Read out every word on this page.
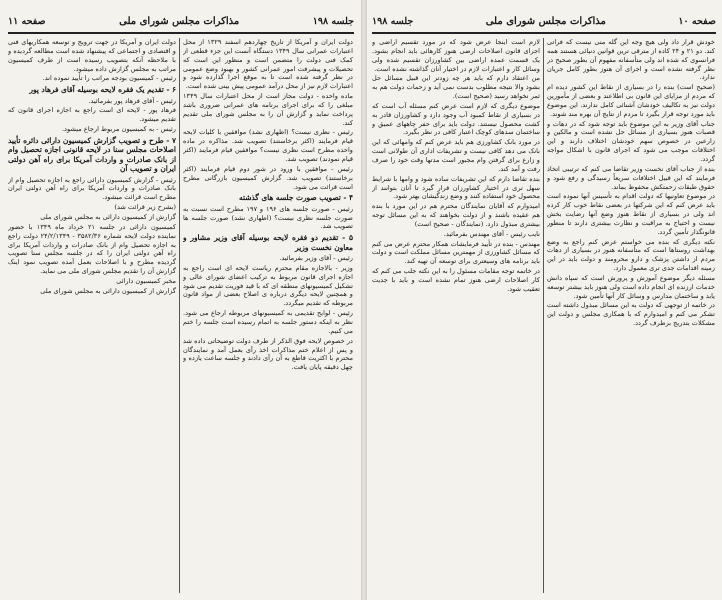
جلسه ۱۹۸
مذاکرات مجلس شورای ملی
صفحه ۱۱
دولت ایران و آمریکا از تاریخ چهاردهم اسفند ۱۳۲۹ از محل اعتبارات عمرانی سال ۱۳۴۹ دستگاه آنست این جزء قطعی از کمک فنی دولت را متضمن است و منظور این است که تحصیلات و پیشرفت امور عمرانی کشور و بهبود وضع عمومی در نظر گرفته شده است تا به موقع اجرا گذارده شود و اعتبارات لازم نیز از محل درآمد عمومی پیش بینی شده است.
ماده واحده - دولت مجاز است از محل اعتبارات سال ۱۳۴۹ مبلغی را که برای اجرای برنامه های عمرانی ضروری باشد پرداخت نماید و گزارش آن را به مجلس شورای ملی تقدیم کند.
رئیس - نظری نیست؟ (اظهاری نشد) موافقین با کلیات لایحه قیام فرمایند (اکثر برخاستند) تصویب شد. مذاکره در ماده واحده مطرح است نظری نیست؟ موافقین قیام فرمایند (اکثر قیام نمودند) تصویب شد.
رئیس - موافقین با ورود در شور دوم قیام فرمایند (اکثر برخاستند) تصویب شد. گزارش کمیسیون بازرگانی مطرح است قرائت می شود.
۴ - تصویب صورت جلسه های گذشته
رئیس - صورت جلسه های ۱۹۶ و ۱۹۷ مطرح است نسبت به صورت جلسه نظری نیست؟ (اظهاری نشد) صورت جلسه ها تصویب شد.
۵ - تقدیم دو فقره لایحه بوسیله آقای وزیر مشاور و معاون نخست وزیر
رئیس - آقای وزیر بفرمائید.
وزیر - بالاجازه مقام محترم ریاست لایحه ای است راجع به اجازه اجرای قانون مربوط به ترکیب اعضای شورای عالی و تشکیل کمیسیونهای منطقه ای که با قید فوریت تقدیم می شود و همچنین لایحه دیگری درباره ی اصلاح بعضی از مواد قانون مربوطه که تقدیم میگردد.
رئیس - لوایح تقدیمی به کمیسیونهای مربوطه ارجاع می شود. نظر به اینکه دستور جلسه به اتمام رسیده است جلسه را ختم می کنیم.
در خصوص لایحه فوق الذکر از طرف دولت توضیحاتی داده شد و پس از اعلام ختم مذاکرات اخذ رأی بعمل آمد و نمایندگان محترم با اکثریت قاطع به آن رأی دادند و جلسه ساعت یازده و چهل دقیقه پایان یافت.
دولت ایران و آمریکا در جهت ترویج و توسعه همکاریهای فنی و اقتصادی و اجتماعی که پیشنهاد شده است مطالعه گردیده و با ملاحظه آنکه بتصویب رسیده است از طرف کمیسیون مراتب به مجلس گزارش داده میشود.
رئیس - کمیسیون بودجه مراتب را تأیید نموده اند.
۶ - تقدیم یک فقره لایحه بوسیله آقای فرهاد پور
رئیس - آقای فرهاد پور بفرمائید.
فرهاد پور - لایحه ای است راجع به اجازه اجرای قانون که تقدیم میشود.
رئیس - به کمیسیون مربوط ارجاع میشود.
۷ - طرح و تصویب گزارش کمیسیون دارائی دائره تأیید اصلاحات مجلس سنا در لایحه قانونی اجازه تحصیل وام از بانک صادرات و واردات آمریکا برای راه آهن دولتی ایران و تصویب آن
رئیس - گزارش کمیسیون دارائی راجع به اجازه تحصیل وام از بانک صادرات و واردات آمریکا برای راه آهن دولتی ایران مطرح است قرائت میشود.
(بشرح زیر قرائت شد)
گزارش از کمیسیون دارائی به مجلس شورای ملی
کمیسیون دارائی در جلسه ۲۱ خرداد ماه ۱۳۴۹ با حضور نماینده دولت لایحه شماره ۳۵۸۲/۳۶ - ۲۴/۲/۱۳۴۹ دولت راجع به اجازه تحصیل وام از بانک صادرات و واردات آمریکا برای راه آهن دولتی ایران را که در جلسه مجلس سنا تصویب گردیده مطرح و با اصلاحات بعمل آمده تصویب نمود اینک گزارش آن را تقدیم مجلس شورای ملی می نماید.
مخبر کمیسیون دارائی
گزارش از کمیسیون دارائی به مجلس شورای ملی
صفحه ۱۰
مذاکرات مجلس شورای ملی
جلسه ۱۹۸
خودش قرار داد ولی هیچ وجه این گله منی نیست که فراتی کند. دو ۲۱ و ۲۴ کاده از مترقی ترین قوانین دنیائی هستند همه فرانسوی که شده اند ولی متأسفانه مفهوم آن بطور صحیح در نظر گرفته نشده است و اجرای آن هنوز بطور کامل جریان ندارد.
(صحیح است) بنده را در بسیاری از نقاط این کشور دیده ام که مردم از مزایای این قانون بی اطلاعند و بعضی از مأمورین دولت نیز به تکالیف خودشان آشنائی کامل ندارند. این موضوع باید مورد توجه قرار بگیرد تا مردم از نتایج آن بهره مند شوند.
جناب آقای وزیر به این موضوع باید توجه شود که در دهات و قصبات هنوز بسیاری از مسائل حل نشده است و مالکین و زارعین در خصوص سهم خودشان اختلاف دارند و این اختلافات موجب می شود که اجرای قانون با اشکال مواجه گردد.
بنده از جناب آقای نخست وزیر تقاضا می کنم که ترتیبی اتخاذ فرمایند که این قبیل اختلافات سریعاً رسیدگی و رفع شود و حقوق طبقات زحمتکش محفوظ بماند.
در موضوع تعاونیها که دولت اقدام به تأسیس آنها نموده است باید عرض کنم که این شرکتها در بعضی نقاط خوب کار کرده اند ولی در بسیاری از نقاط هنوز وضع آنها رضایت بخش نیست و احتیاج به مراقبت و نظارت بیشتری دارند تا منظور قانونگذار تأمین گردد.
نکته دیگری که بنده می خواستم عرض کنم راجع به وضع بهداشت روستاها است که متأسفانه هنوز در بسیاری از دهات مردم از داشتن پزشک و دارو محرومند و دولت باید در این زمینه اقدامات جدی تری معمول دارد.
مسئله دیگر موضوع آموزش و پرورش است که سپاه دانش خدمات ارزنده ای انجام داده است ولی هنوز باید بیشتر توسعه یابد و ساختمان مدارس و وسائل کار آنها تأمین شود.
در خاتمه از توجهی که دولت به این مسائل مبذول داشته است تشکر می کنم و امیدوارم که با همکاری مجلس و دولت این مشکلات بتدریج برطرف گردد.
لازم است اینجا عرض شود که در مورد تقسیم اراضی و اجرای قانون اصلاحات ارضی هنوز کارهائی باید انجام بشود. یک قسمت عمده اراضی بین کشاورزان تقسیم شده ولی وسائل کار و اعتبارات لازم در اختیار آنان گذاشته نشده است.
من اعتقاد دارم که باید هر چه زودتر این قبیل مسائل حل بشود والا نتیجه مطلوب بدست نمی آید و زحمات دولت هم به ثمر نخواهد رسید (صحیح است).
موضوع دیگری که لازم است عرض کنم مسئله آب است که در بسیاری از نقاط کمبود آب وجود دارد و کشاورزان قادر به کشت محصول نیستند. دولت باید برای حفر چاههای عمیق و ساختمان سدهای کوچک اعتبار کافی در نظر بگیرد.
در مورد بانک کشاورزی هم باید عرض کنم که وامهائی که این بانک می دهد کافی نیست و تشریفات اداری آن طولانی است و زارع برای گرفتن وام مجبور است مدتها وقت خود را صرف رفت و آمد کند.
بنده تقاضا دارم که این تشریفات ساده شود و وامها با شرایط سهل تری در اختیار کشاورزان قرار گیرد تا آنان بتوانند از محصول خود استفاده کنند و وضع زندگیشان بهتر شود.
امیدوارم که آقایان نمایندگان محترم هم در این مورد با بنده هم عقیده باشند و از دولت بخواهند که به این مسائل توجه بیشتری مبذول دارد. (نمایندگان - صحیح است)
نایب رئیس - آقای مهندس بفرمائید.
مهندس - بنده در تأیید فرمایشات همکار محترم عرض می کنم که مسائل کشاورزی از مهمترین مسائل مملکت است و دولت باید برنامه های وسیعتری برای توسعه آن تهیه کند.
در خاتمه توجه مقامات مسئول را به این نکته جلب می کنم که کار اصلاحات ارضی هنوز تمام نشده است و باید با جدیت تعقیب شود.
